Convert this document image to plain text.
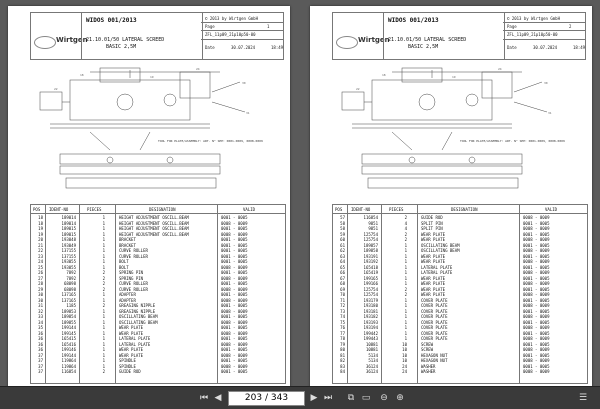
Wirtgen
WIDOS 001/2013
21.10.01/50 LATERAL SCREED
BASIC 2,5M
© 2013 by Wirtgen GmbH
Page	1
ZFL_11p09_21p10p50-00
Date	30.07.2024	18:49
30
31
18	19
22
24
TOOL FOR PLATE/ASSEMBLY: ART. N° SEE: 0001-0009, 0008-0009
POS IDENT-NO	PIECES	DESIGNATION	VALID
18	189014	1	HEIGHT ADJUSTMENT OSCILL.BEAM	0001 - 0005
18	189014	1	HEIGHT ADJUSTMENT OSCILL.BEAM	0008 - 0009
19	189015	1	HEIGHT ADJUSTMENT OSCILL.BEAM	0001 - 0005
19	189015	1	HEIGHT ADJUSTMENT OSCILL.BEAM	0008 - 0009
20	193048	1	BRACKET	0001 - 0005
21	193049	1	BRACKET	0001 - 0005
22	137155	1	CURVE ROLLER	0001 - 0005
23	137155	1	CURVE ROLLER	0001 - 0005
24	193055	1	BOLT	0001 - 0005
25	193055	1	BOLT	0008 - 0009
26	7892	2	SPRING PIN	0001 - 0005
27	7892	2	SPRING PIN	0008 - 0009
28	68098	2	CURVE ROLLER	0001 - 0005
29	68098	2	CURVE ROLLER	0008 - 0009
30	137165	1	ADAPTER	0001 - 0005
30	137165	1	ADAPTER	0008 - 0009
31	1185	2	GREASING NIPPLE	0001 - 0005
32	189853	1	GREASING NIPPLE	0008 - 0009
33	189854	1	OSCILLATING BEAM	0001 - 0005
34	189855	1	OSCILLATING BEAM	0008 - 0009
35	199144	1	WEAR PLATE	0001 - 0005
36	199145	1	WEAR PLATE	0008 - 0009
36	165415	1	LATERAL PLATE	0001 - 0005
36	165416	1	LATERAL PLATE	0008 - 0009
36	199146	1	WEAR PLATE	0001 - 0005
37	199144	1	WEAR PLATE	0008 - 0009
37	119864	1	SPINDLE	0001 - 0005
37	119864	1	SPINDLE	0008 - 0009
37	116854	2	GUIDE ROD	0001 - 0005
Wirtgen
WIDOS 001/2013
21.10.01/50 LATERAL SCREED
BASIC 2,5M
© 2013 by Wirtgen GmbH
Page	2
ZFL_11p09_21p10p50-00
Date	30.07.2024	18:49
30
31
18	19
22
24
TOOL FOR PLATE/ASSEMBLY: ART. N° SEE: 0001-0009, 0008-0009
POS IDENT-NO	PIECES	DESIGNATION	VALID
57	116854	2	GUIDE ROD	0008 - 0009
58	9851	4	SPLIT PIN	0001 - 0005
58	9851	4	SPLIT PIN	0008 - 0009
59	125754	2	WEAR PLATE	0001 - 0005
60	125754	2	WEAR PLATE	0008 - 0009
61	189857	1	OSCILLATING BEAM	0001 - 0005
62	189858	1	OSCILLATING BEAM	0008 - 0009
63	193191	1	WEAR PLATE	0001 - 0005
64	193192	1	WEAR PLATE	0008 - 0009
65	165418	1	LATERAL PLATE	0001 - 0005
66	165419	1	LATERAL PLATE	0008 - 0009
67	199165	1	WEAR PLATE	0001 - 0005
68	199166	1	WEAR PLATE	0008 - 0009
69	125754	2	WEAR PLATE	0001 - 0005
70	125754	2	WEAR PLATE	0008 - 0009
71	193179	1	COVER PLATE	0001 - 0005
72	193180	1	COVER PLATE	0008 - 0009
73	193181	1	COVER PLATE	0001 - 0005
74	193182	1	COVER PLATE	0008 - 0009
75	193193	1	COVER PLATE	0001 - 0005
76	193194	1	COVER PLATE	0008 - 0009
77	199442	1	COVER PLATE	0001 - 0005
78	199443	1	COVER PLATE	0008 - 0009
79	10881	10	SCREW	0001 - 0005
80	10881	10	SCREW	0008 - 0009
81	5134	10	HEXAGON NUT	0001 - 0005
82	5134	10	HEXAGON NUT	0008 - 0009
83	36124	24	WASHER	0001 - 0005
84	36124	24	WASHER	0008 - 0009
⏮ ◀	203 / 343	▶ ⏭	⧉ ▭ ⊖ ⊕	☰
